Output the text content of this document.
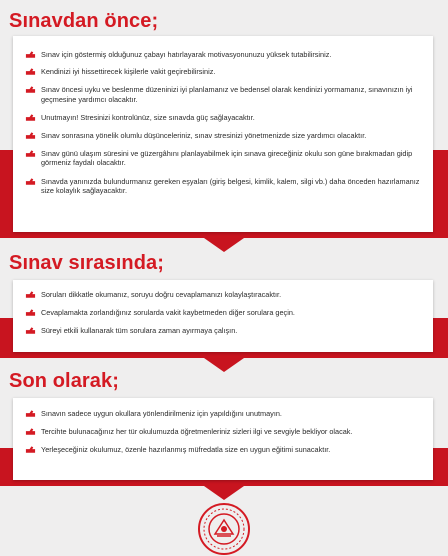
Sınavdan önce;
Sınav için göstermiş olduğunuz çabayı hatırlayarak motivasyonunuzu yüksek tutabilirsiniz.
Kendinizi iyi hissettirecek kişilerle vakit geçirebilirsiniz.
Sınav öncesi uyku ve beslenme düzeninizi iyi planlamanız ve bedensel olarak kendinizi yormamanız, sınavınızın iyi geçmesine yardımcı olacaktır.
Unutmayın! Stresinizi kontrolünüz, size sınavda güç sağlayacaktır.
Sınav sonrasına yönelik olumlu düşünceleriniz, sınav stresinizi yönetmenizde size yardımcı olacaktır.
Sınav günü ulaşım süresini ve güzergâhını planlayabilmek için sınava gireceğiniz okulu son güne bırakmadan gidip görmeniz faydalı olacaktır.
Sınavda yanınızda bulundurmanız gereken eşyaları (giriş belgesi, kimlik, kalem, silgi vb.) daha önceden hazırlamanız size kolaylık sağlayacaktır.
Sınav sırasında;
Soruları dikkatle okumanız, soruyu doğru cevaplamanızı kolaylaştıracaktır.
Cevaplamakta zorlandığınız sorularda vakit kaybetmeden diğer sorulara geçin.
Süreyi etkili kullanarak tüm sorulara zaman ayırmaya çalışın.
Son olarak;
Sınavın sadece uygun okullara yönlendirilmeniz için yapıldığını unutmayın.
Tercihte bulunacağınız her tür okulumuzda öğretmenleriniz sizleri ilgi ve sevgiyle bekliyor olacak.
Yerleşeceğiniz okulumuz, özenle hazırlanmış müfredatla size en uygun eğitimi sunacaktır.
